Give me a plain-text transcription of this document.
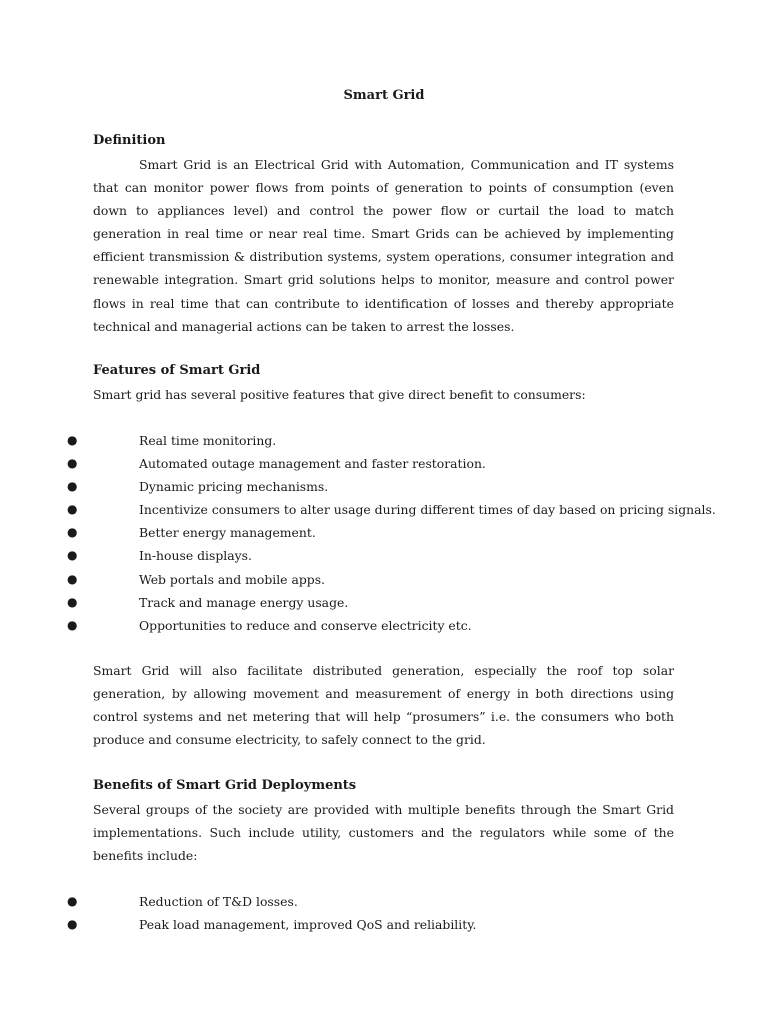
Smart Grid
Definition

Smart Grid is an Electrical Grid with Automation, Communication and IT systems that can monitor power flows from points of generation to points of consumption (even down to appliances level) and control the power flow or curtail the load to match generation in real time or near real time. Smart Grids can be achieved by implementing efficient transmission & distribution systems, system operations, consumer integration and renewable integration. Smart grid solutions helps to monitor, measure and control power flows in real time that can contribute to identification of losses and thereby appropriate technical and managerial actions can be taken to arrest the losses.

Features of Smart Grid

Smart grid has several positive features that give direct benefit to consumers:

●	Real time monitoring.
●	Automated outage management and faster restoration.
●	Dynamic pricing mechanisms.
●	Incentivize consumers to alter usage during different times of day based on pricing signals.
●	Better energy management.
●	In-house displays.
●	Web portals and mobile apps.
●	Track and manage energy usage.
●	Opportunities to reduce and conserve electricity etc.

Smart Grid will also facilitate distributed generation, especially the roof top solar generation, by allowing movement and measurement of energy in both directions using control systems and net metering that will help “prosumers” i.e. the consumers who both produce and consume electricity, to safely connect to the grid.

Benefits of Smart Grid Deployments

Several groups of the society are provided with multiple benefits through the Smart Grid implementations. Such include utility, customers and the regulators while some of the benefits include:

●	Reduction of T&D losses.
●	Peak load management, improved QoS and reliability.
